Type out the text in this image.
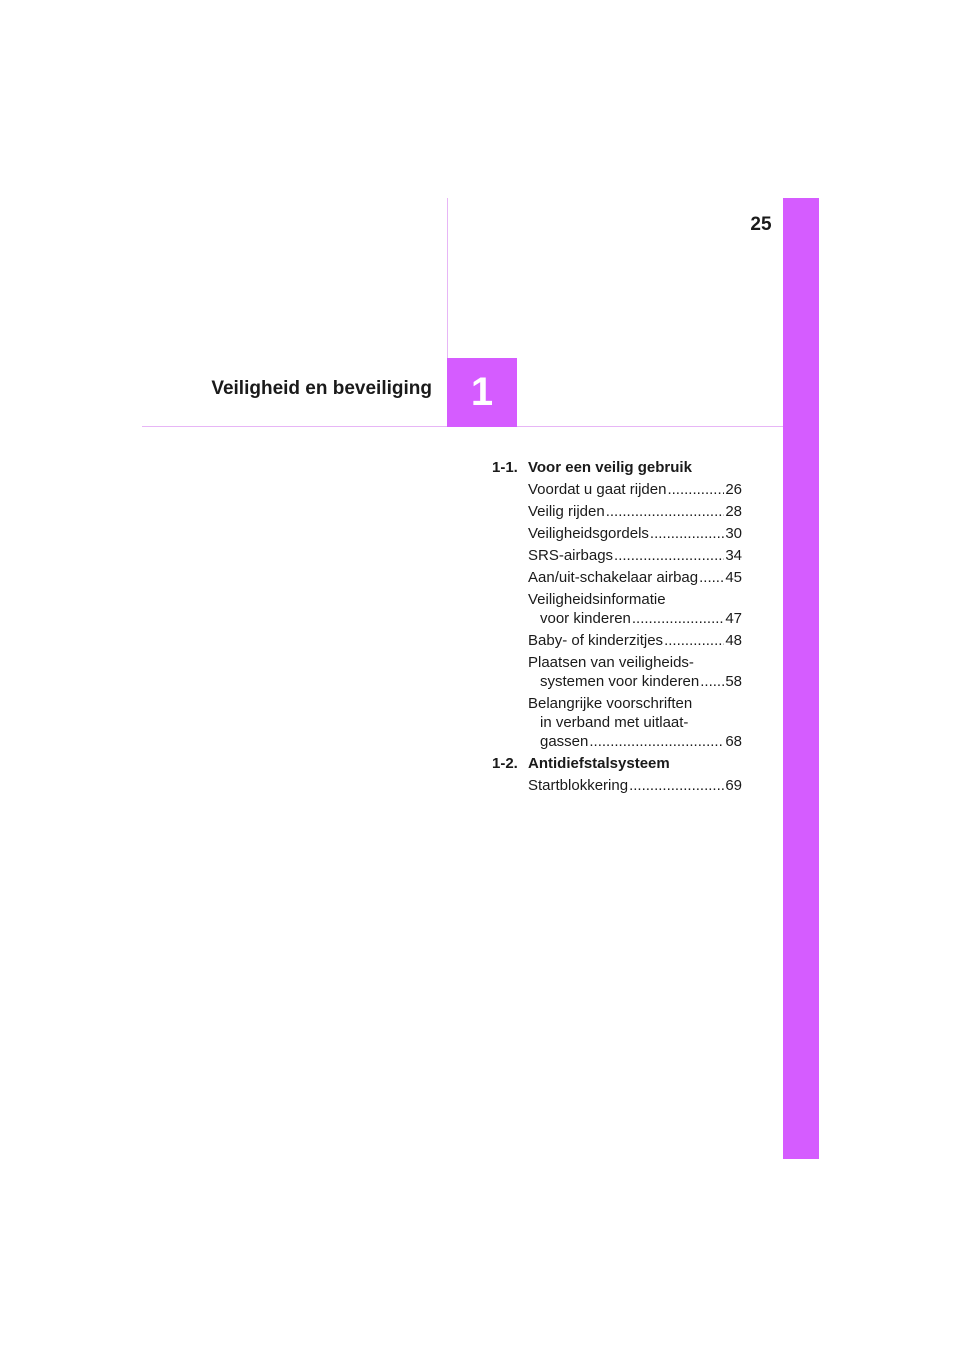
25
1
Veiligheid en beveiliging
1-1. Voor een veilig gebruik
Voordat u gaat rijden .....	26
Veilig rijden .....	28
Veiligheidsgordels .....	30
SRS-airbags .....	34
Aan/uit-schakelaar airbag ..... 45
Veiligheidsinformatie
voor kinderen .....	47
Baby- of kinderzitjes .....	48
Plaatsen van veiligheids-
systemen voor kinderen ..... 58
Belangrijke voorschriften
in verband met uitlaat-
gassen .....	68
1-2. Antidiefstalsysteem
Startblokkering .....	69
